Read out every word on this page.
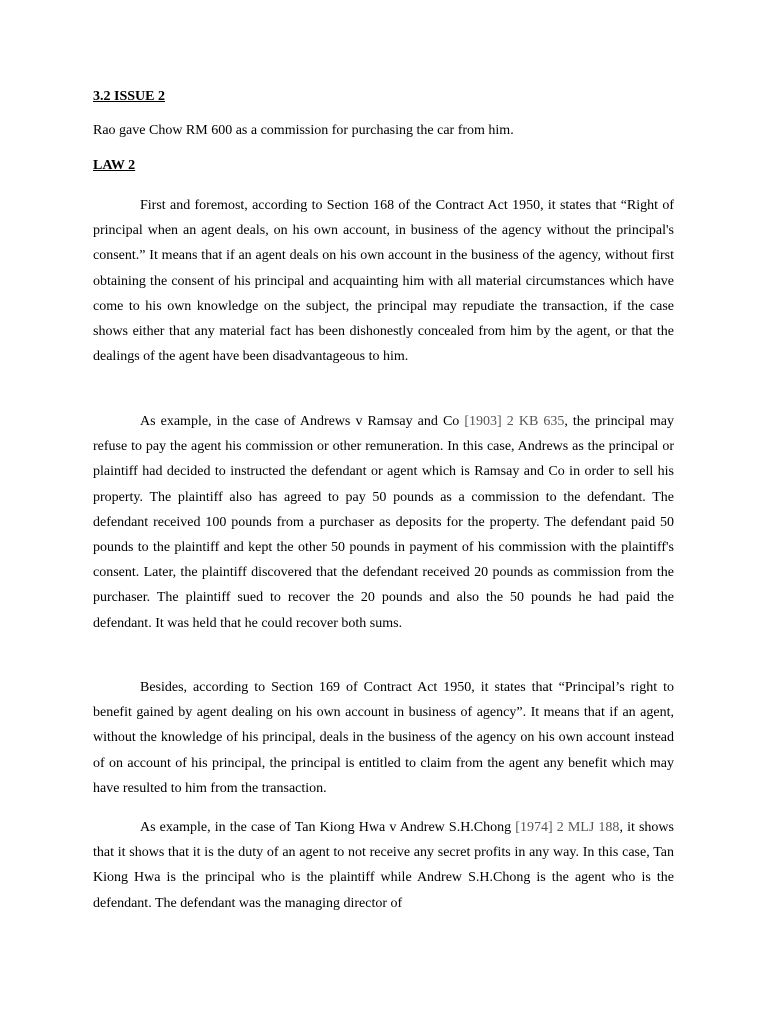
3.2 ISSUE 2

Rao gave Chow RM 600 as a commission for purchasing the car from him.

LAW 2

First and foremost, according to Section 168 of the Contract Act 1950, it states that “Right of principal when an agent deals, on his own account, in business of the agency without the principal's consent.” It means that if an agent deals on his own account in the business of the agency, without first obtaining the consent of his principal and acquainting him with all material circumstances which have come to his own knowledge on the subject, the principal may repudiate the transaction, if the case shows either that any material fact has been dishonestly concealed from him by the agent, or that the dealings of the agent have been disadvantageous to him.

As example, in the case of Andrews v Ramsay and Co [1903] 2 KB 635, the principal may refuse to pay the agent his commission or other remuneration. In this case, Andrews as the principal or plaintiff had decided to instructed the defendant or agent which is Ramsay and Co in order to sell his property. The plaintiff also has agreed to pay 50 pounds as a commission to the defendant. The defendant received 100 pounds from a purchaser as deposits for the property. The defendant paid 50 pounds to the plaintiff and kept the other 50 pounds in payment of his commission with the plaintiff's consent. Later, the plaintiff discovered that the defendant received 20 pounds as commission from the purchaser. The plaintiff sued to recover the 20 pounds and also the 50 pounds he had paid the defendant. It was held that he could recover both sums.

Besides, according to Section 169 of Contract Act 1950, it states that “Principal’s right to benefit gained by agent dealing on his own account in business of agency”. It means that if an agent, without the knowledge of his principal, deals in the business of the agency on his own account instead of on account of his principal, the principal is entitled to claim from the agent any benefit which may have resulted to him from the transaction.

As example, in the case of Tan Kiong Hwa v Andrew S.H.Chong [1974] 2 MLJ 188, it shows that it shows that it is the duty of an agent to not receive any secret profits in any way. In this case, Tan Kiong Hwa is the principal who is the plaintiff while Andrew S.H.Chong is the agent who is the defendant. The defendant was the managing director of
